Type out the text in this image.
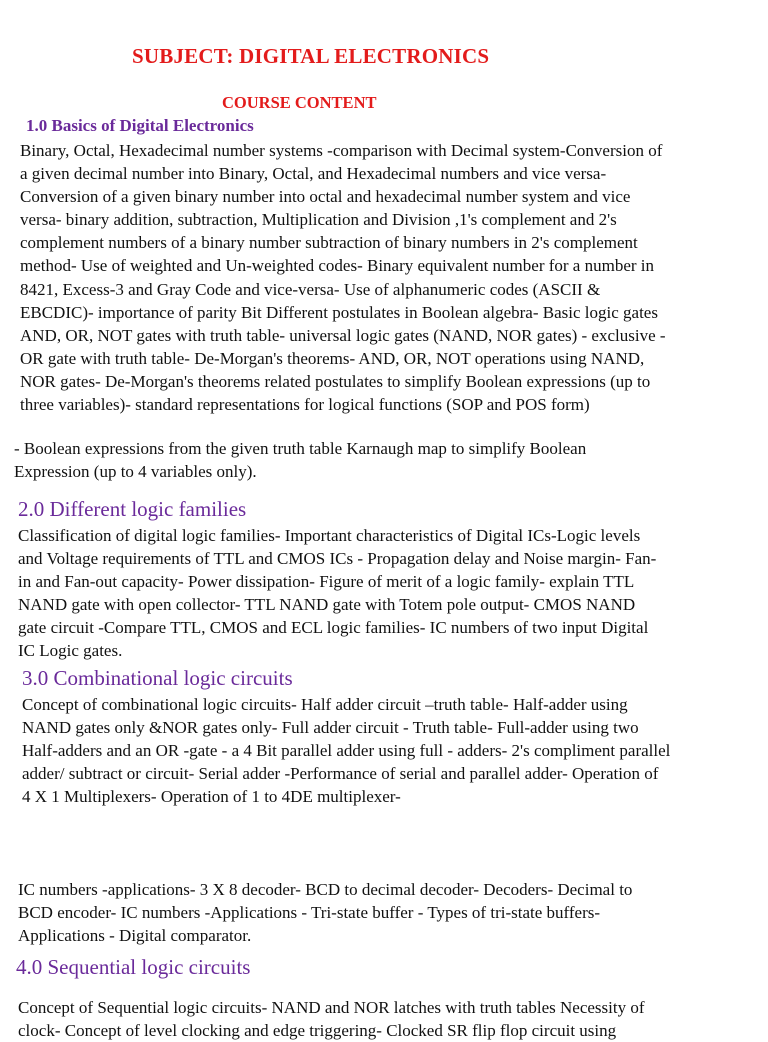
SUBJECT: DIGITAL ELECTRONICS
COURSE CONTENT
1.0 Basics of Digital Electronics
Binary, Octal, Hexadecimal number systems -comparison with Decimal system-Conversion of
a given decimal number into Binary, Octal, and Hexadecimal numbers and vice versa-
Conversion of a given binary number into octal and hexadecimal number system and vice
versa- binary addition, subtraction, Multiplication and Division ,1's complement and 2's
complement numbers of a binary number subtraction of binary numbers in 2's complement
method- Use of weighted and Un-weighted codes- Binary equivalent number for a number in
8421, Excess-3 and Gray Code and vice-versa- Use of alphanumeric codes (ASCII &
EBCDIC)- importance of parity Bit Different postulates in Boolean algebra- Basic logic gates
AND, OR, NOT gates with truth table- universal logic gates (NAND, NOR gates) - exclusive -
OR gate with truth table- De-Morgan's theorems- AND, OR, NOT operations using NAND,
NOR gates- De-Morgan's theorems related postulates to simplify Boolean expressions (up to
three variables)- standard representations for logical functions (SOP and POS form)
- Boolean expressions from the given truth table Karnaugh map to simplify Boolean
Expression (up to 4 variables only).
2.0 Different logic families
Classification of digital logic families- Important characteristics of Digital ICs-Logic levels
and Voltage requirements of TTL and CMOS ICs - Propagation delay and Noise margin- Fan-
in and Fan-out capacity- Power dissipation- Figure of merit of a logic family- explain TTL
NAND gate with open collector- TTL NAND gate with Totem pole output- CMOS NAND
gate circuit -Compare TTL, CMOS and ECL logic families- IC numbers of two input Digital
IC Logic gates.
3.0 Combinational logic circuits
Concept of combinational logic circuits- Half adder circuit –truth table- Half-adder using
NAND gates only &NOR gates only- Full adder circuit - Truth table- Full-adder using two
Half-adders and an OR -gate - a 4 Bit parallel adder using full - adders- 2's compliment parallel
adder/ subtract or circuit- Serial adder -Performance of serial and parallel adder- Operation of
4 X 1 Multiplexers- Operation of 1 to 4DE multiplexer-
IC numbers -applications- 3 X 8 decoder- BCD to decimal decoder- Decoders- Decimal to
BCD encoder- IC numbers -Applications - Tri-state buffer - Types of tri-state buffers-
Applications - Digital comparator.
4.0 Sequential logic circuits
Concept of Sequential logic circuits- NAND and NOR latches with truth tables Necessity of
clock- Concept of level clocking and edge triggering- Clocked SR flip flop circuit using
